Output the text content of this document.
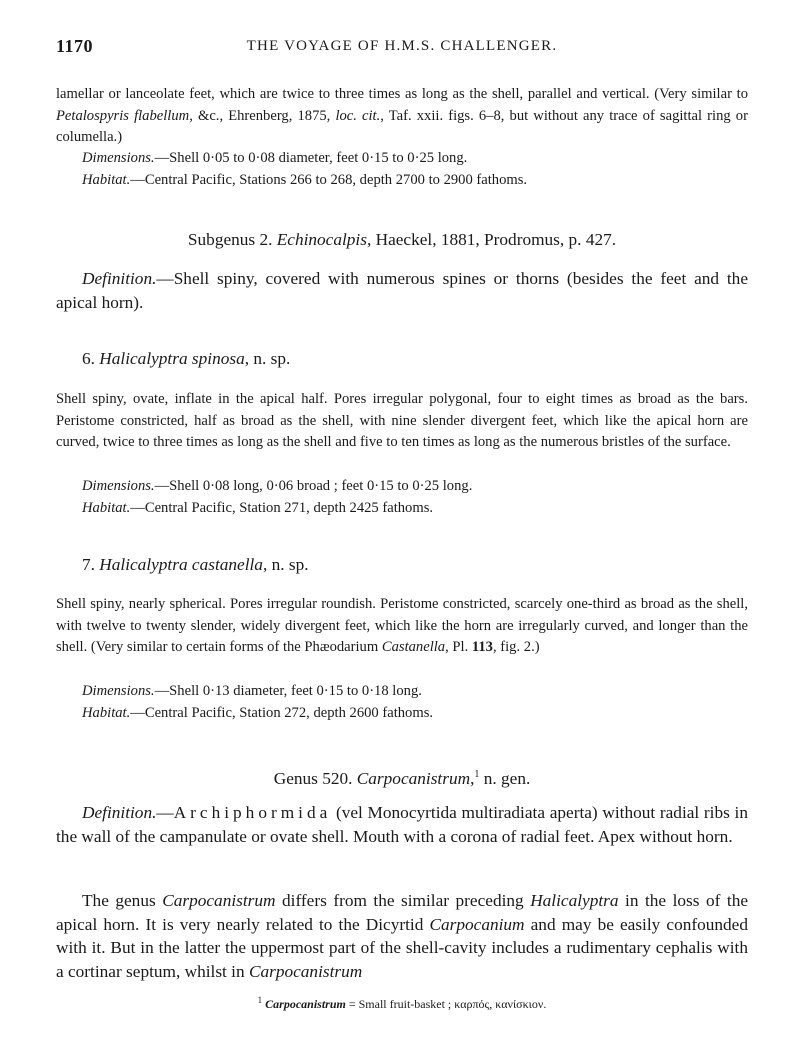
1170	THE VOYAGE OF H.M.S. CHALLENGER.

lamellar or lanceolate feet, which are twice to three times as long as the shell, parallel and vertical. (Very similar to Petalospyris flabellum, &c., Ehrenberg, 1875, loc. cit., Taf. xxii. figs. 6–8, but without any trace of sagittal ring or columella.)

Dimensions.—Shell 0·05 to 0·08 diameter, feet 0·15 to 0·25 long.

Habitat.—Central Pacific, Stations 266 to 268, depth 2700 to 2900 fathoms.

Subgenus 2. Echinocalpis, Haeckel, 1881, Prodromus, p. 427.

Definition.—Shell spiny, covered with numerous spines or thorns (besides the feet and the apical horn).

6. Halicalyptra spinosa, n. sp.

Shell spiny, ovate, inflate in the apical half. Pores irregular polygonal, four to eight times as broad as the bars. Peristome constricted, half as broad as the shell, with nine slender divergent feet, which like the apical horn are curved, twice to three times as long as the shell and five to ten times as long as the numerous bristles of the surface.

Dimensions.—Shell 0·08 long, 0·06 broad ; feet 0·15 to 0·25 long.

Habitat.—Central Pacific, Station 271, depth 2425 fathoms.

7. Halicalyptra castanella, n. sp.

Shell spiny, nearly spherical. Pores irregular roundish. Peristome constricted, scarcely one-third as broad as the shell, with twelve to twenty slender, widely divergent feet, which like the horn are irregularly curved, and longer than the shell. (Very similar to certain forms of the Phæodarium Castanella, Pl. 113, fig. 2.)

Dimensions.—Shell 0·13 diameter, feet 0·15 to 0·18 long.

Habitat.—Central Pacific, Station 272, depth 2600 fathoms.

Genus 520. Carpocanistrum,$^1$ n. gen.

Definition.—Archiphormida (vel Monocyrtida multiradiata aperta) without radial ribs in the wall of the campanulate or ovate shell. Mouth with a corona of radial feet. Apex without horn.

The genus Carpocanistrum differs from the similar preceding Halicalyptra in the loss of the apical horn. It is very nearly related to the Dicyrtid Carpocanium and may be easily confounded with it. But in the latter the uppermost part of the shell-cavity includes a rudimentary cephalis with a cortinar septum, whilst in Carpocanistrum

$^1$ Carpocanistrum = Small fruit-basket ; καρπός, κανίσκιον.
